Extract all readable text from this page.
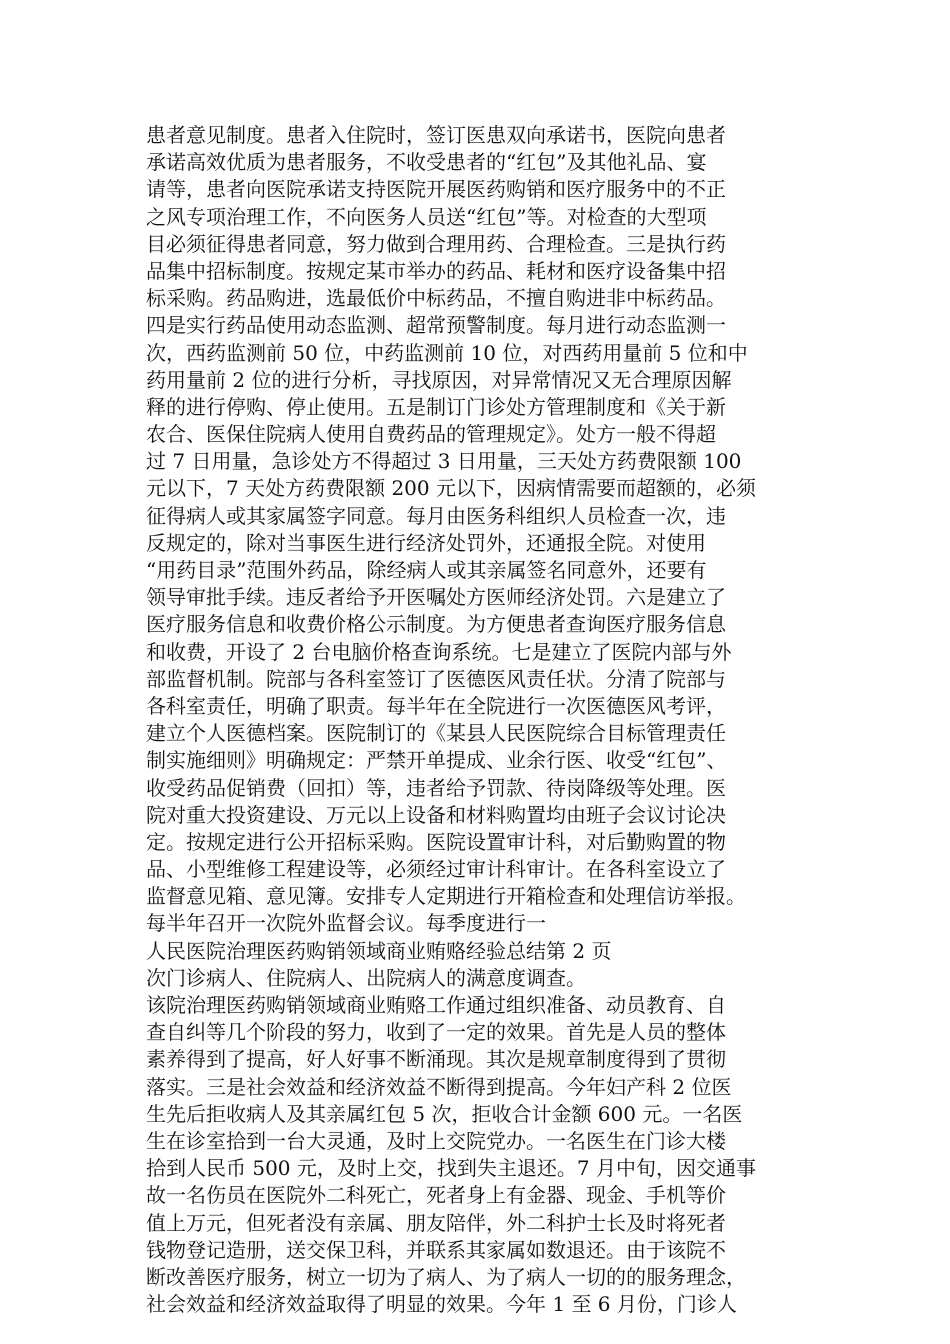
患者意见制度。患者入住院时，签订医患双向承诺书，医院向患者
承诺高效优质为患者服务，不收受患者的“红包”及其他礼品、宴
请等，患者向医院承诺支持医院开展医药购销和医疗服务中的不正
之风专项治理工作，不向医务人员送“红包”等。对检查的大型项
目必须征得患者同意，努力做到合理用药、合理检查。三是执行药
品集中招标制度。按规定某市举办的药品、耗材和医疗设备集中招
标采购。药品购进，选最低价中标药品，不擅自购进非中标药品。
四是实行药品使用动态监测、超常预警制度。每月进行动态监测一
次，西药监测前 50 位，中药监测前 10 位，对西药用量前 5 位和中
药用量前 2 位的进行分析，寻找原因，对异常情况又无合理原因解
释的进行停购、停止使用。五是制订门诊处方管理制度和《关于新
农合、医保住院病人使用自费药品的管理规定》。处方一般不得超
过 7 日用量，急诊处方不得超过 3 日用量，三天处方药费限额 100
元以下，7 天处方药费限额 200 元以下，因病情需要而超额的，必须
征得病人或其家属签字同意。每月由医务科组织人员检查一次，违
反规定的，除对当事医生进行经济处罚外，还通报全院。对使用
“用药目录”范围外药品，除经病人或其亲属签名同意外，还要有
领导审批手续。违反者给予开医嘱处方医师经济处罚。六是建立了
医疗服务信息和收费价格公示制度。为方便患者查询医疗服务信息
和收费，开设了 2 台电脑价格查询系统。七是建立了医院内部与外
部监督机制。院部与各科室签订了医德医风责任状。分清了院部与
各科室责任，明确了职责。每半年在全院进行一次医德医风考评，
建立个人医德档案。医院制订的《某县人民医院综合目标管理责任
制实施细则》明确规定：严禁开单提成、业余行医、收受“红包”、
收受药品促销费（回扣）等，违者给予罚款、待岗降级等处理。医
院对重大投资建设、万元以上设备和材料购置均由班子会议讨论决
定。按规定进行公开招标采购。医院设置审计科，对后勤购置的物
品、小型维修工程建设等，必须经过审计科审计。在各科室设立了
监督意见箱、意见簿。安排专人定期进行开箱检查和处理信访举报。
每半年召开一次院外监督会议。每季度进行一
人民医院治理医药购销领域商业贿赂经验总结第 2 页
次门诊病人、住院病人、出院病人的满意度调查。
该院治理医药购销领域商业贿赂工作通过组织准备、动员教育、自
查自纠等几个阶段的努力，收到了一定的效果。首先是人员的整体
素养得到了提高，好人好事不断涌现。其次是规章制度得到了贯彻
落实。三是社会效益和经济效益不断得到提高。今年妇产科 2 位医
生先后拒收病人及其亲属红包 5 次，拒收合计金额 600 元。一名医
生在诊室拾到一台大灵通，及时上交院党办。一名医生在门诊大楼
拾到人民币 500 元，及时上交，找到失主退还。7 月中旬，因交通事
故一名伤员在医院外二科死亡，死者身上有金器、现金、手机等价
值上万元，但死者没有亲属、朋友陪伴，外二科护士长及时将死者
钱物登记造册，送交保卫科，并联系其家属如数退还。由于该院不
断改善医疗服务，树立一切为了病人、为了病人一切的的服务理念，
社会效益和经济效益取得了明显的效果。今年 1 至 6 月份，门诊人
